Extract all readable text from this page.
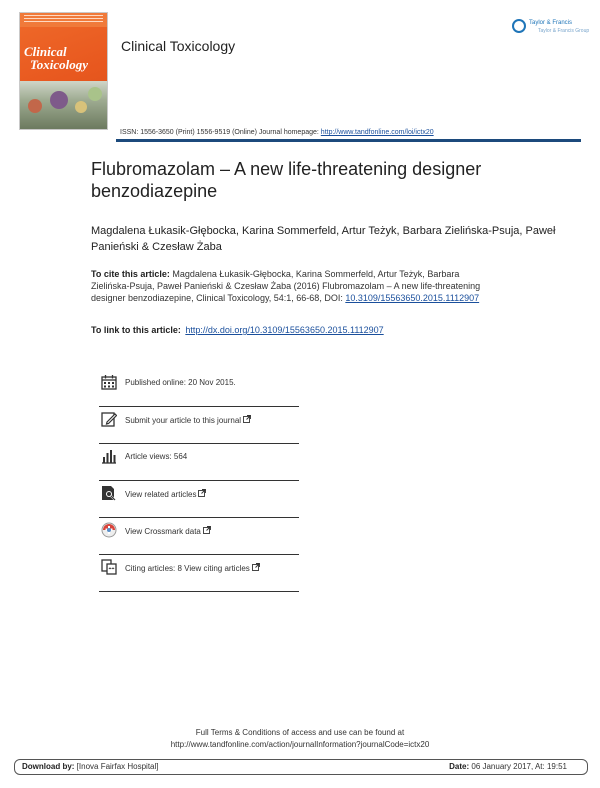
Clinical
Toxicology
Clinical Toxicology
Taylor & Francis
Taylor & Francis Group
ISSN: 1556-3650 (Print) 1556-9519 (Online) Journal homepage: http://www.tandfonline.com/loi/ictx20
Flubromazolam – A new life-threatening designer benzodiazepine
Magdalena Łukasik-Głębocka, Karina Sommerfeld, Artur Teżyk, Barbara Zielińska-Psuja, Paweł Panieński & Czesław Żaba
To cite this article: Magdalena Łukasik-Głębocka, Karina Sommerfeld, Artur Teżyk, Barbara Zielińska-Psuja, Paweł Panieński & Czesław Żaba (2016) Flubromazolam – A new life-threatening designer benzodiazepine, Clinical Toxicology, 54:1, 66-68, DOI: 10.3109/15563650.2015.1112907
To link to this article: http://dx.doi.org/10.3109/15563650.2015.1112907
Published online: 20 Nov 2015.
Submit your article to this journal
Article views: 564
View related articles
View Crossmark data
Citing articles: 8 View citing articles
Full Terms & Conditions of access and use can be found at
http://www.tandfonline.com/action/journalInformation?journalCode=ictx20
Download by: [Inova Fairfax Hospital]	Date: 06 January 2017, At: 19:51
